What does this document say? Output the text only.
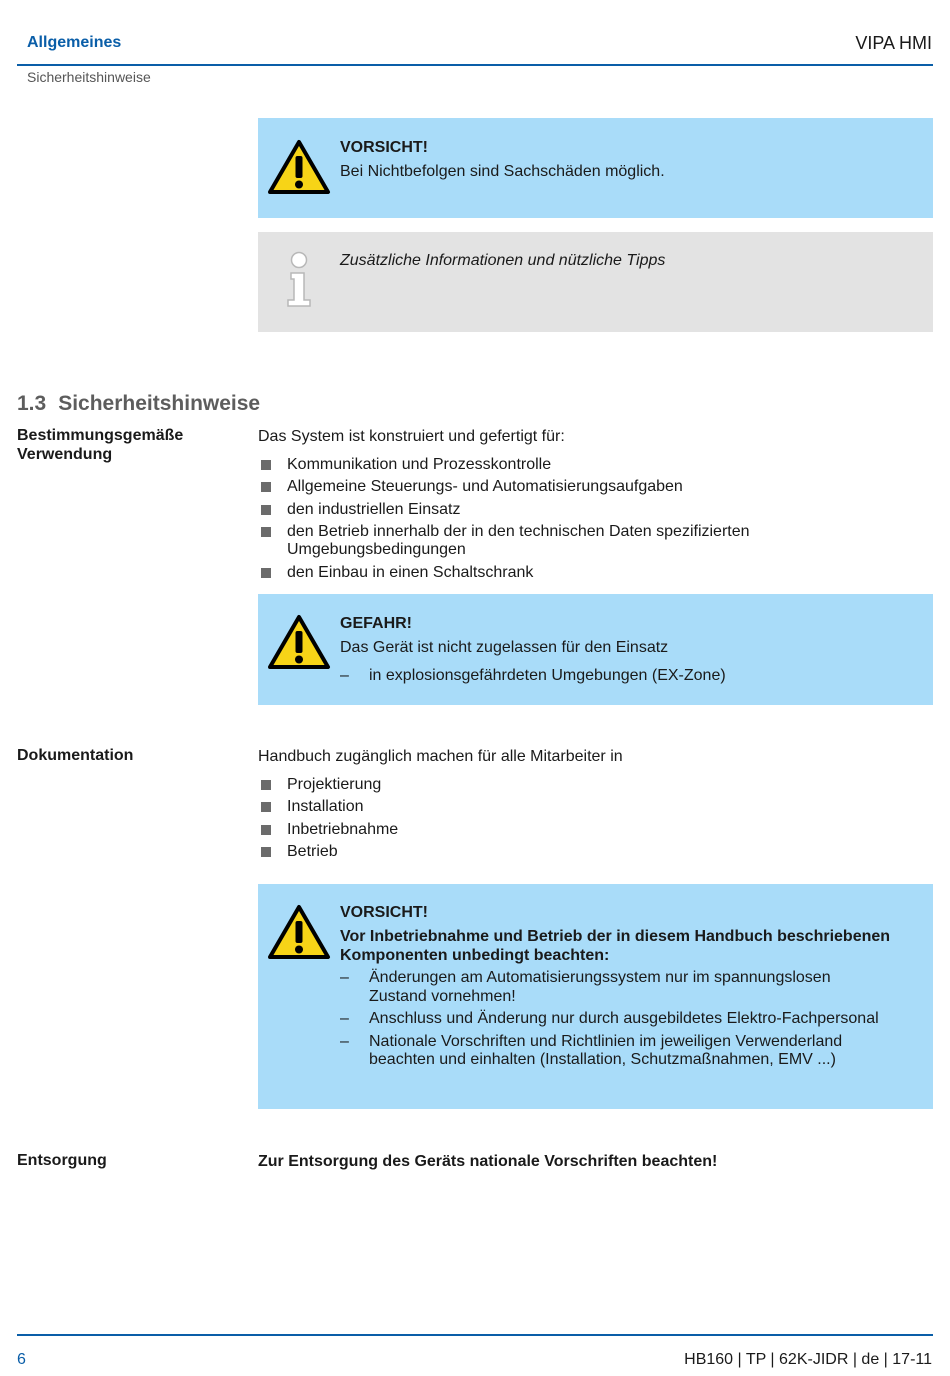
Allgemeines	VIPA HMI
Sicherheitshinweise
VORSICHT!
Bei Nichtbefolgen sind Sachschäden möglich.
Zusätzliche Informationen und nützliche Tipps
1.3 Sicherheitshinweise
Bestimmungsgemäße Verwendung
Das System ist konstruiert und gefertigt für:
Kommunikation und Prozesskontrolle
Allgemeine Steuerungs- und Automatisierungsaufgaben
den industriellen Einsatz
den Betrieb innerhalb der in den technischen Daten spezifizierten Umgebungsbedingungen
den Einbau in einen Schaltschrank
GEFAHR!
Das Gerät ist nicht zugelassen für den Einsatz
– in explosionsgefährdeten Umgebungen (EX-Zone)
Dokumentation	Handbuch zugänglich machen für alle Mitarbeiter in
Projektierung
Installation
Inbetriebnahme
Betrieb
VORSICHT!
Vor Inbetriebnahme und Betrieb der in diesem Handbuch beschriebenen Komponenten unbedingt beachten:
– Änderungen am Automatisierungssystem nur im spannungslosen Zustand vornehmen!
– Anschluss und Änderung nur durch ausgebildetes Elektro-Fachpersonal
– Nationale Vorschriften und Richtlinien im jeweiligen Verwenderland beachten und einhalten (Installation, Schutzmaßnahmen, EMV ...)
Entsorgung	Zur Entsorgung des Geräts nationale Vorschriften beachten!
6	HB160 | TP | 62K-JIDR | de | 17-11
